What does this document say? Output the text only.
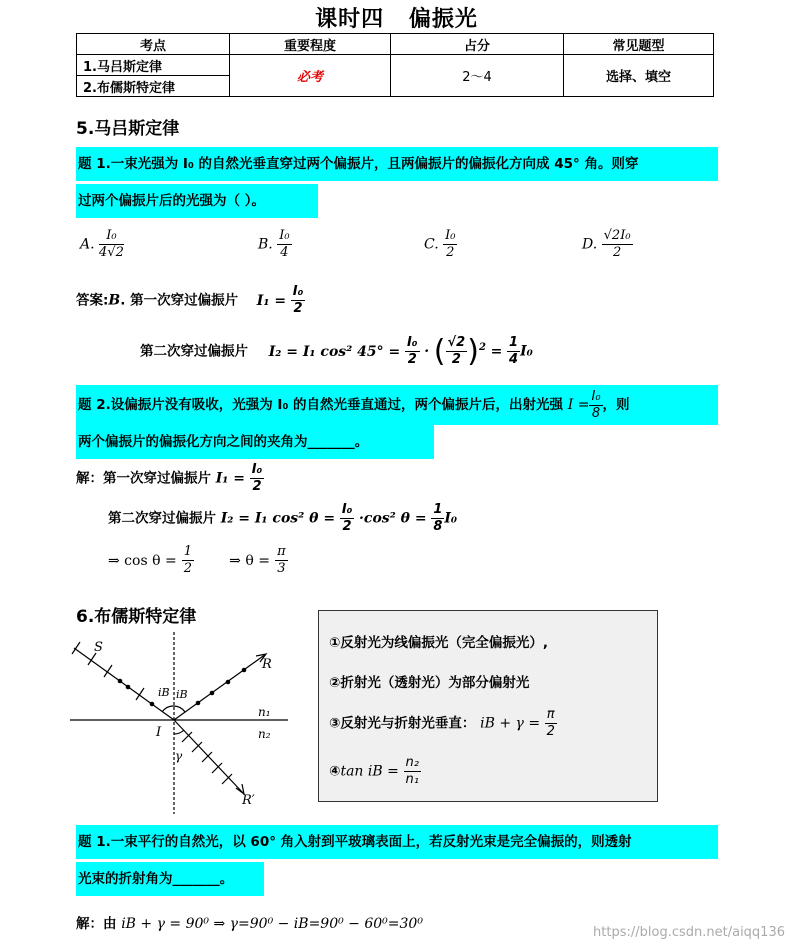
课时四 偏振光
考点	重要程度	占分	常见题型
1.马吕斯定律	必考	2～4	选择、填空
2.布儒斯特定律			
5.马吕斯定律
题 1.一束光强为 I₀ 的自然光垂直穿过两个偏振片，且两偏振片的偏振化方向成 45° 角。则穿
过两个偏振片后的光强为（ ）。
A. $\frac{\text{I₀}}{4√2}$	B. $\frac{\text{I₀}}{4}$	C. $\frac{\text{I₀}}{2}$	D. $\frac{\text{√2I₀}}{2}$
答案:B. 第一次穿过偏振片 $I_1 = \frac{\text{I₀}}{2}$
第二次穿过偏振片 I₂ = I₁ cos² $45^\circ = \frac{\text{I₀}}{2}$ · ( $\frac{√2}{2} )^2 = \frac{1}{4} I_0$
题 2.设偏振片没有吸收，光强为 I₀ 的自然光垂直通过，两个偏振片后，出射光强 $I = \frac{\text{I₀}}{8}$ ，则
两个偏振片的偏振化方向之间的夹角为_______。
解：第一次穿过偏振片 $I_1 = \frac{\text{I₀}}{2}$
第二次穿过偏振片 I₂ = I₁ cos² $\theta = \frac{\text{I₀}}{2} \cdot\cos^2$ $\theta = \frac{1}{8} I_0$
⇒ $\cos \theta = \frac{1}{2}$	⇒ $\theta = \frac{\pi}{3}$
6.布儒斯特定律
S
R
R′
I
iB iB
γ
n₁
n₂
①反射光为线偏振光（完全偏振光）,
②折射光（透射光）为部分偏射光
③反射光与折射光垂直： iB + $\gamma = \frac{\pi}{2}$
④tan iB = $\frac{\text{n₂}}{\text{n₁}}$
题 1.一束平行的自然光，以 60° 角入射到平玻璃表面上，若反射光束是完全偏振的，则透射
光束的折射角为_______。
解：由 iB + γ = 90⁰ ⇒ γ=90⁰ − iB=90⁰ − 60⁰=30⁰
https://blog.csdn.net/aiqq136
